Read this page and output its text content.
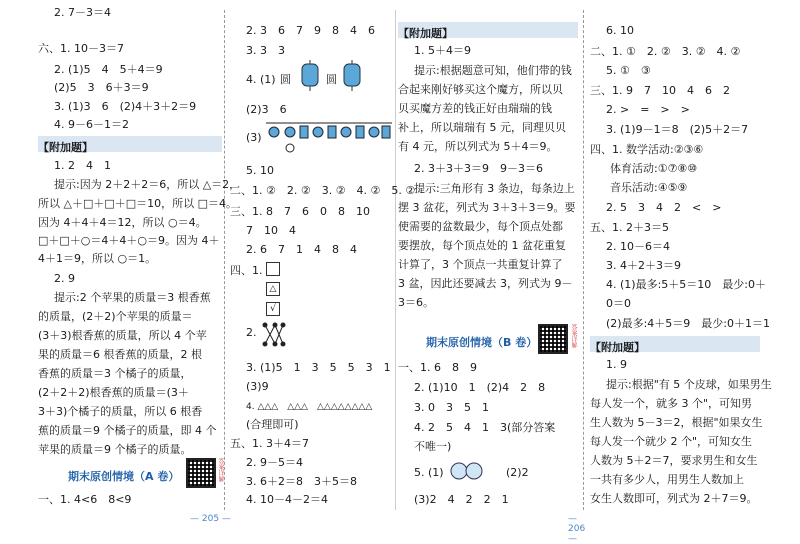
2. 7－3＝4
六、1. 10－3＝7
2. (1)5　4　5＋4＝9
(2)5　3　6＋3＝9
3. (1)3　6　(2)4＋3＋2＝9
4. 9－6－1＝2
【附加题】
1. 2　4　1
提示:因为 2＋2＋2＝6，所以 △＝2，
所以 △＋□＋□＋□＝10，所以 □＝4。
因为 4＋4＋4＝12，所以 ○＝4。
□＋□＋○＝4＋4＋○＝9。因为 4＋
4＋1＝9，所以 ○＝1。
2. 9
提示:2 个苹果的质量＝3 根香蕉
的质量，(2＋2)个苹果的质量＝
(3＋3)根香蕉的质量，所以 4 个苹
果的质量＝6 根香蕉的质量，2 根
香蕉的质量＝3 个橘子的质量，
(2＋2＋2)根香蕉的质量＝(3＋
3＋3)个橘子的质量，所以 6 根香
蕉的质量＝9 个橘子的质量，即 4 个
苹果的质量＝9 个橘子的质量。
期末原创情境（A 卷）	答案详解
一、1. 4<6　8<9
2. 3　6　7　9　8　4　6
3. 3　3
4. (1) 圆	圆
(2)3　6
(3)
5. 10
二、1. ②　2. ②　3. ②　4. ②　5. ②
三、1. 8　7　6　0　8　10
7　10　4
2. 6　7　1　4　8　4
四、1.
△
√
2.
3. (1)5　1　3　5　5　3　1
(3)9
4. △△△　△△△　△△△△△△△△
(合理即可)
五、1. 3＋4＝7
2. 9－5＝4
3. 6＋2＝8　3＋5＝8
4. 10－4－2＝4
— 205 —
【附加题】
1. 5＋4＝9
提示:根据题意可知，他们带的钱
合起来刚好够买这个魔方，所以贝
贝买魔方差的钱正好由瑞瑞的钱
补上，所以瑞瑞有 5 元，同理贝贝
有 4 元，所以列式为 5＋4＝9。
2. 3＋3＋3＝9　9－3＝6
提示:三角形有 3 条边，每条边上
摆 3 盆花，列式为 3＋3＋3＝9。要
使需要的盆数最少，每个顶点处都
要摆放，每个顶点处的 1 盆花重复
计算了，3 个顶点一共重复计算了
3 盆，因此还要减去 3，列式为 9－
3＝6。
期末原创情境（B 卷）	答案详解
一、1. 6　8　9
2. (1)10　1　(2)4　2　8
3. 0　3　5　1
4. 2　5　4　1　3(部分答案
不唯一)
5. (1)	(2)2
(3)2　4　2　2　1
— 206 —
6. 10
二、1. ①　2. ②　3. ②　4. ②
5. ①　③
三、1. 9　7　10　4　6　2
2. >　=　>　>
3. (1)9－1＝8　(2)5＋2＝7
四、1. 数学活动:②③⑥
体育活动:①⑦⑧⑩
音乐活动:④⑤⑨
2. 5　3　4　2　<　>
五、1. 2＋3＝5
2. 10－6＝4
3. 4＋2＋3＝9
4. (1)最多:5＋5＝10　最少:0＋
0＝0
(2)最多:4＋5＝9　最少:0＋1＝1
【附加题】
1. 9
提示:根据"有 5 个皮球，如果男生
每人发一个，就多 3 个"，可知男
生人数为 5－3＝2，根据"如果女生
每人发一个就少 2 个"，可知女生
人数为 5＋2＝7，要求男生和女生
一共有多少人，用男生人数加上
女生人数即可，列式为 2＋7＝9。
